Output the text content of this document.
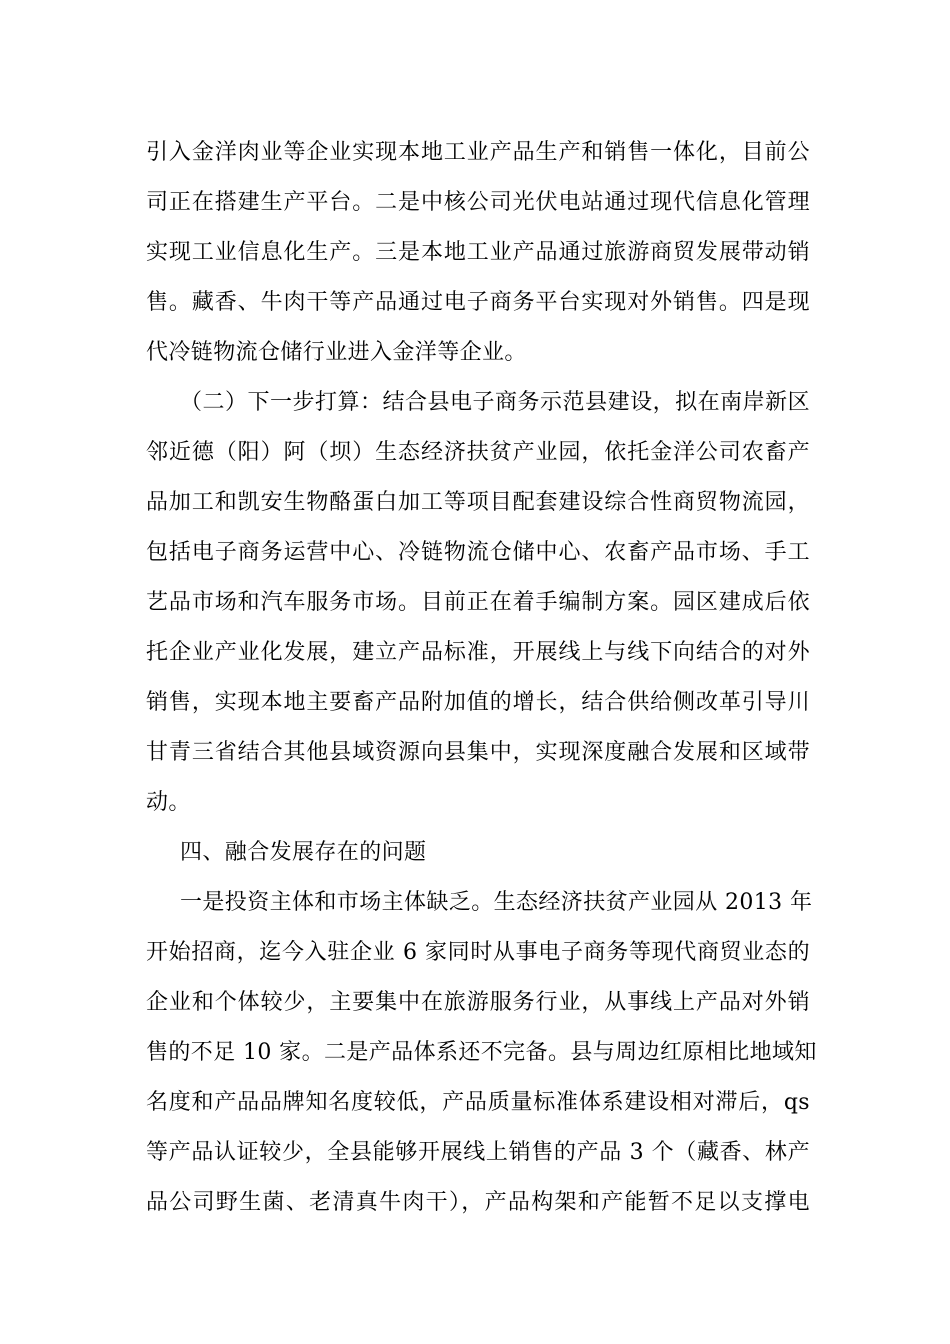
引入金洋肉业等企业实现本地工业产品生产和销售一体化，目前公
司正在搭建生产平台。二是中核公司光伏电站通过现代信息化管理
实现工业信息化生产。三是本地工业产品通过旅游商贸发展带动销
售。藏香、牛肉干等产品通过电子商务平台实现对外销售。四是现
代冷链物流仓储行业进入金洋等企业。
（二）下一步打算：结合县电子商务示范县建设，拟在南岸新区
邻近德（阳）阿（坝）生态经济扶贫产业园，依托金洋公司农畜产
品加工和凯安生物酪蛋白加工等项目配套建设综合性商贸物流园，
包括电子商务运营中心、冷链物流仓储中心、农畜产品市场、手工
艺品市场和汽车服务市场。目前正在着手编制方案。园区建成后依
托企业产业化发展，建立产品标准，开展线上与线下向结合的对外
销售，实现本地主要畜产品附加值的增长，结合供给侧改革引导川
甘青三省结合其他县域资源向县集中，实现深度融合发展和区域带
动。
四、融合发展存在的问题
一是投资主体和市场主体缺乏。生态经济扶贫产业园从 2013 年
开始招商，迄今入驻企业 6 家同时从事电子商务等现代商贸业态的
企业和个体较少，主要集中在旅游服务行业，从事线上产品对外销
售的不足 10 家。二是产品体系还不完备。县与周边红原相比地域知
名度和产品品牌知名度较低，产品质量标准体系建设相对滞后，qs
等产品认证较少，全县能够开展线上销售的产品 3 个（藏香、林产
品公司野生菌、老清真牛肉干），产品构架和产能暂不足以支撑电
